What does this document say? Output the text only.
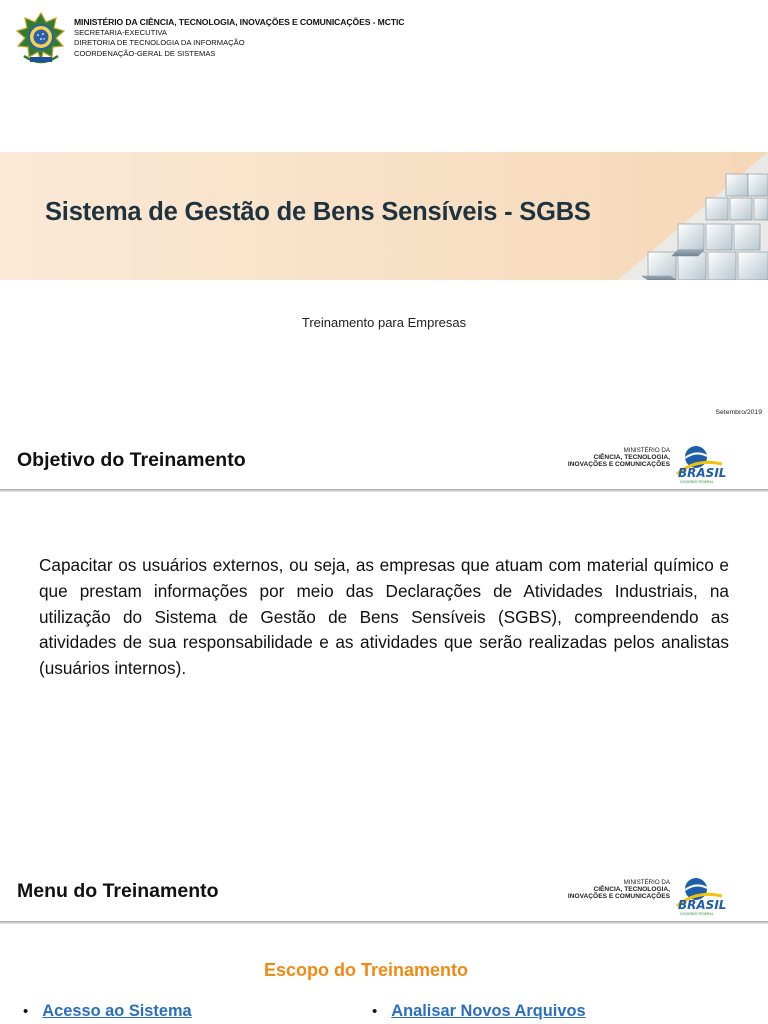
MINISTÉRIO DA CIÊNCIA, TECNOLOGIA, INOVAÇÕES E COMUNICAÇÕES - MCTIC
SECRETARIA-EXECUTIVA
DIRETORIA DE TECNOLOGIA DA INFORMAÇÃO
COORDENAÇÃO-GERAL DE SISTEMAS
Sistema de Gestão de Bens Sensíveis - SGBS
Treinamento para Empresas
Setembro/2019
Objetivo do Treinamento	MINISTÉRIO DA
CIÊNCIA, TECNOLOGIA,
INOVAÇÕES E COMUNICAÇÕES
BRASIL
GOVERNO FEDERAL
Capacitar os usuários externos, ou seja, as empresas que atuam com material químico e que prestam informações por meio das Declarações de Atividades Industriais, na utilização do Sistema de Gestão de Bens Sensíveis (SGBS), compreendendo as atividades de sua responsabilidade e as atividades que serão realizadas pelos analistas (usuários internos).
Menu do Treinamento	MINISTÉRIO DA
CIÊNCIA, TECNOLOGIA,
INOVAÇÕES E COMUNICAÇÕES
BRASIL
GOVERNO FEDERAL
Escopo do Treinamento
• Acesso ao Sistema	• Analisar Novos Arquivos
